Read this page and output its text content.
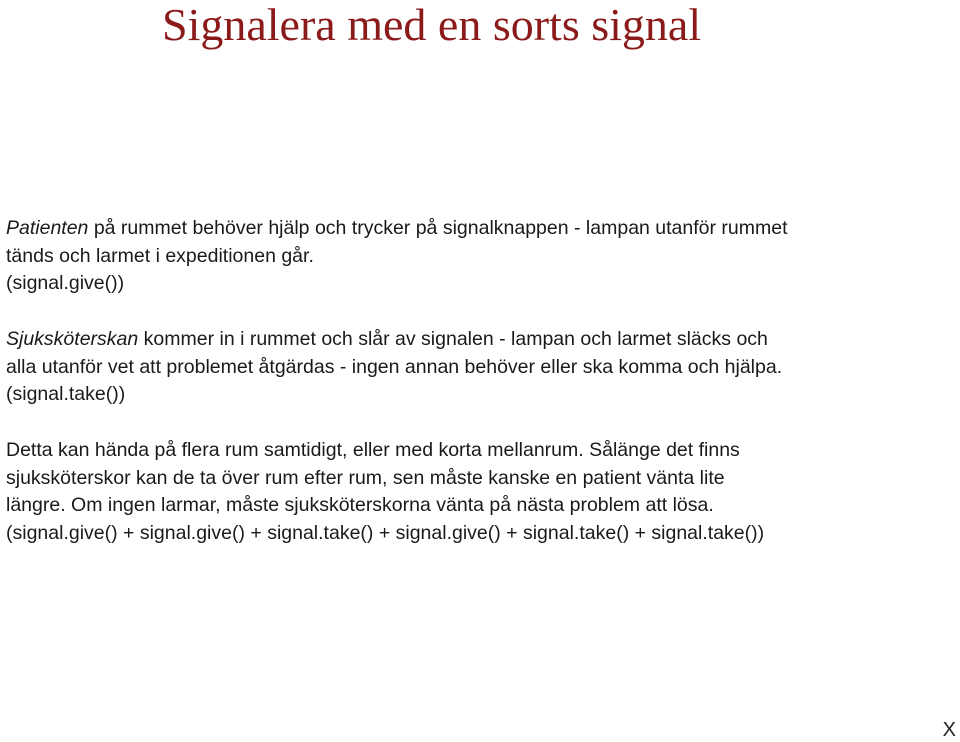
Signalera med en sorts signal
Patienten på rummet behöver hjälp och trycker på signalknappen - lampan utanför rummet
tänds och larmet i expeditionen går.
(signal.give())
Sjuksköterskan kommer in i rummet och slår av signalen - lampan och larmet släcks och
alla utanför vet att problemet åtgärdas - ingen annan behöver eller ska komma och hjälpa.
(signal.take())
Detta kan hända på flera rum samtidigt, eller med korta mellanrum. Sålänge det finns
sjuksköterskor kan de ta över rum efter rum, sen måste kanske en patient vänta lite
längre. Om ingen larmar, måste sjuksköterskorna vänta på nästa problem att lösa.
(signal.give() + signal.give() + signal.take() + signal.give() + signal.take() + signal.take())
X
